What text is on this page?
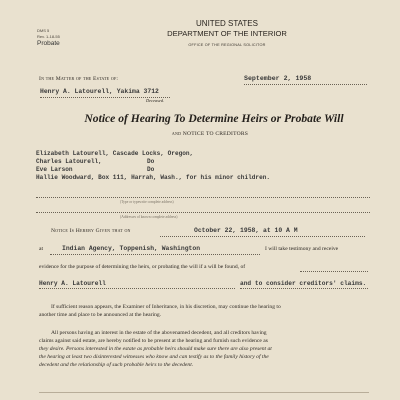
DMS 5
Rev. 1-18-55
Probate
UNITED STATES
DEPARTMENT OF THE INTERIOR
OFFICE OF THE REGIONAL SOLICITOR
In the Matter of the Estate of:	September 2, 1958
Henry A. Latourell, Yakima 3712
Deceased.
Notice of Hearing To Determine Heirs or Probate Will
and NOTICE TO CREDITORS
Elizabeth Latourell, Cascade Locks, Oregon,
Charles Latourell,	Do
Eve Larson	Do
Hallie Woodward, Box 111, Harrah, Wash., for his minor children.
(Type or typewrite complete address)
(Addresses of known complete address)
Notice Is Hereby Given that on	October 22, 1958, at 10 A M
at	Indian Agency, Toppenish, Washington	I will take testimony and receive
evidence for the purpose of determining the heirs, or probating the will if a will be found, of
Henry A. Latourell	and to consider creditors' claims.
If sufficient reason appears, the Examiner of Inheritance, in his discretion, may continue the hearing to
another time and place to be announced at the hearing.
All persons having an interest in the estate of the abovenamed decedent, and all creditors having
claims against said estate, are hereby notified to be present at the hearing and furnish such evidence as
they desire. Persons interested in the estate as probable heirs should make sure there are also present at
the hearing at least two disinterested witnesses who know and can testify as to the family history of the
decedent and the relationship of such probable heirs to the decedent.
